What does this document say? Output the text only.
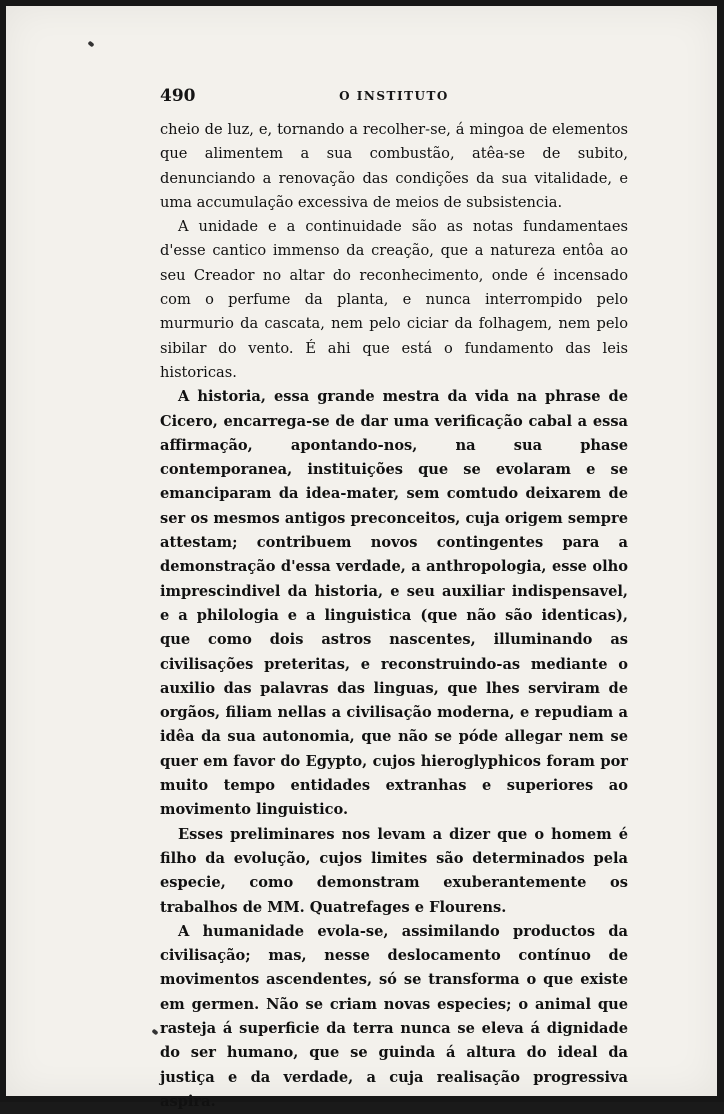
490	O INSTITUTO

cheio de luz, e, tornando a recolher-se, á mingoa de elementos que alimentem a sua combustão, atêa-se de subito, denunciando a renovação das condições da sua vitalidade, e uma accumulação excessiva de meios de subsistencia.

A unidade e a continuidade são as notas fundamentaes d'esse cantico immenso da creação, que a natureza entôa ao seu Creador no altar do reconhecimento, onde é incensado com o perfume da planta, e nunca interrompido pelo murmurio da cascata, nem pelo ciciar da folhagem, nem pelo sibilar do vento. É ahi que está o fundamento das leis historicas.

A historia, essa grande mestra da vida na phrase de Cicero, encarrega-se de dar uma verificação cabal a essa affirmação, apontando-nos, na sua phase contemporanea, instituições que se evolaram e se emanciparam da idea-mater, sem comtudo deixarem de ser os mesmos antigos preconceitos, cuja origem sempre attestam; contribuem novos contingentes para a demonstração d'essa verdade, a anthropologia, esse olho imprescindivel da historia, e seu auxiliar indispensavel, e a philologia e a linguistica (que não são identicas), que como dois astros nascentes, illuminando as civilisações preteritas, e reconstruindo-as mediante o auxilio das palavras das linguas, que lhes serviram de orgãos, filiam nellas a civilisação moderna, e repudiam a idêa da sua autonomia, que não se póde allegar nem se quer em favor do Egypto, cujos hieroglyphicos foram por muito tempo entidades extranhas e superiores ao movimento linguistico.

Esses preliminares nos levam a dizer que o homem é filho da evolução, cujos limites são determinados pela especie, como demonstram exuberantemente os trabalhos de MM. Quatrefages e Flourens.

A humanidade evola-se, assimilando productos da civilisação; mas, nesse deslocamento contínuo de movimentos ascendentes, só se transforma o que existe em germen. Não se criam novas especies; o animal que rasteja á superficie da terra nunca se eleva á dignidade do ser humano, que se guinda á altura do ideal da justiça e da verdade, a cuja realisação progressiva aspira.
